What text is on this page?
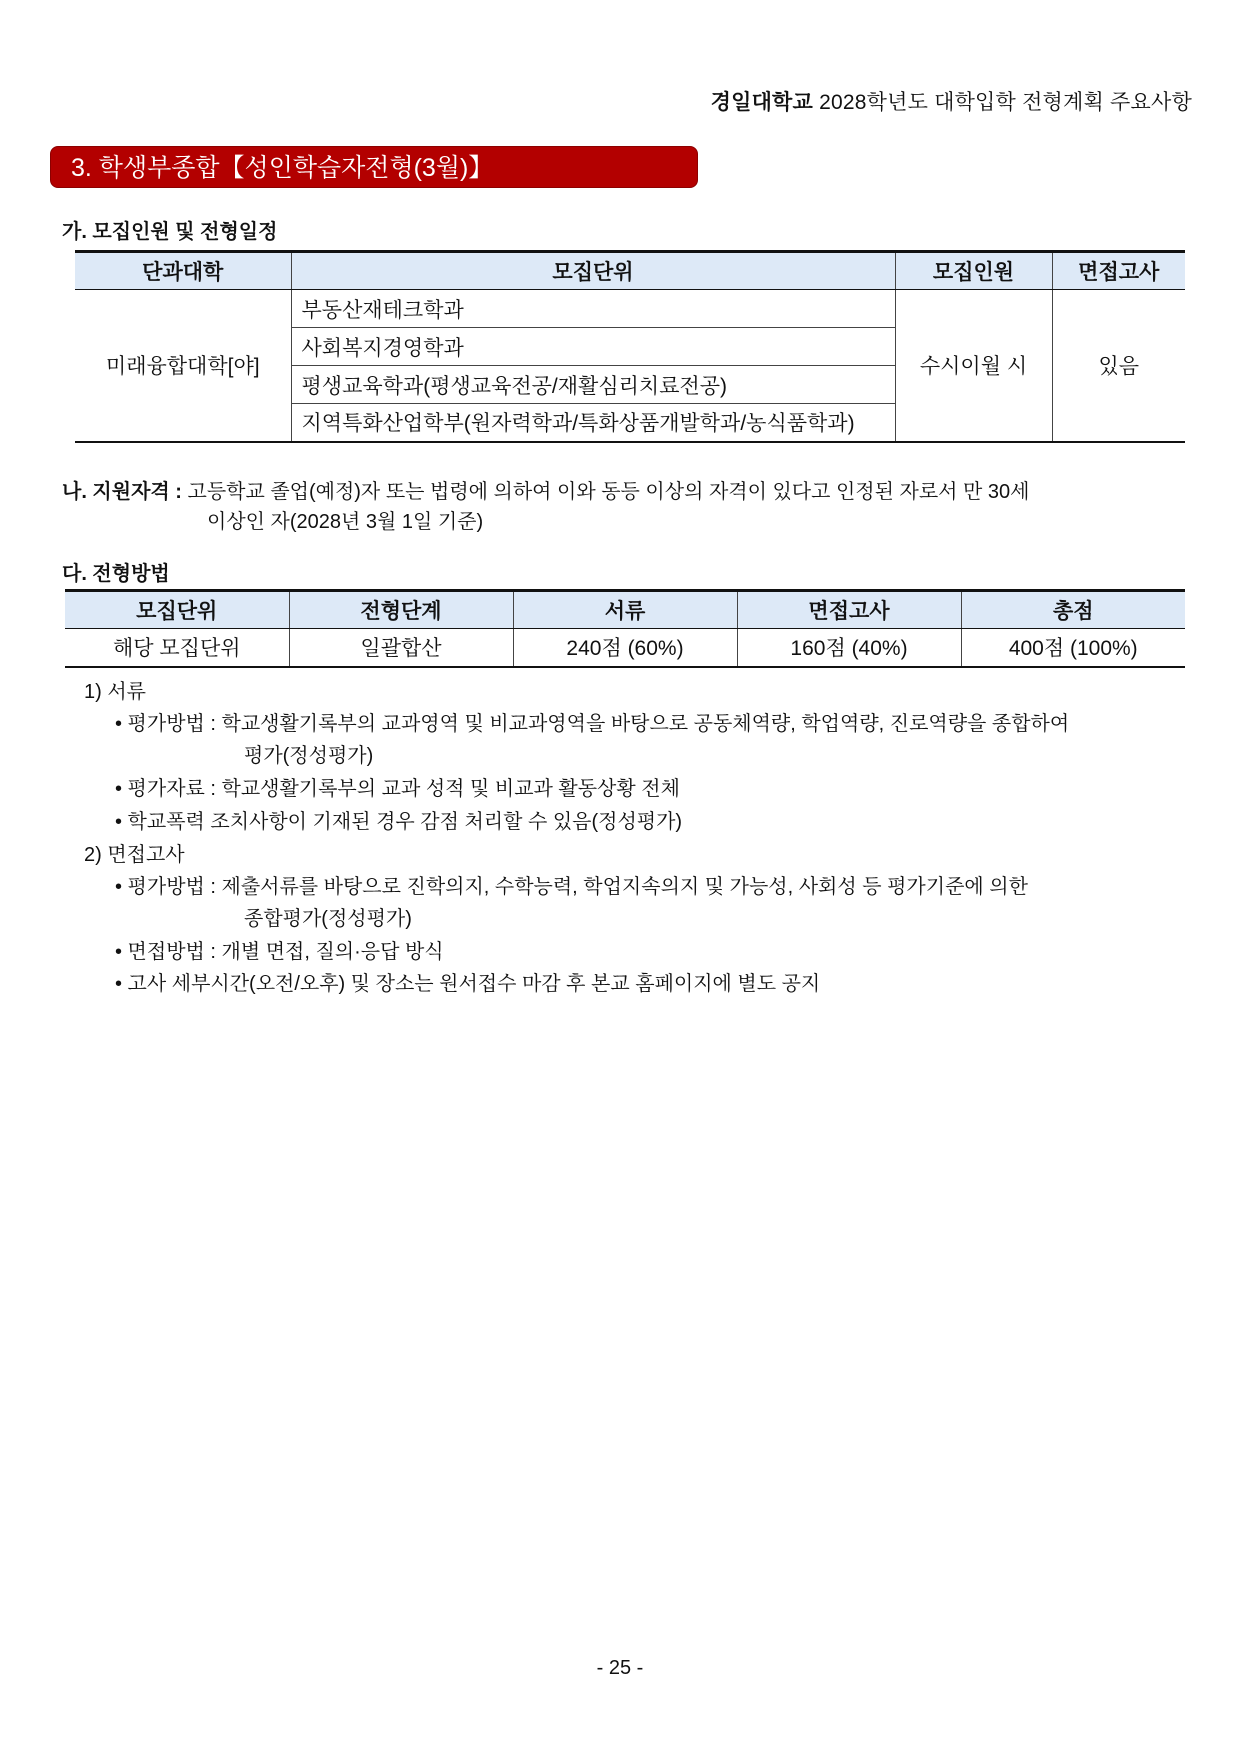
경일대학교 2028학년도 대학입학 전형계획 주요사항
3. 학생부종합【성인학습자전형(3월)】
가. 모집인원 및 전형일정
단과대학	모집단위	모집인원	면접고사
미래융합대학[야]	부동산재테크학과	수시이월 시	있음
	사회복지경영학과		
	평생교육학과(평생교육전공/재활심리치료전공)		
	지역특화산업학부(원자력학과/특화상품개발학과/농식품학과)		
나. 지원자격 : 고등학교 졸업(예정)자 또는 법령에 의하여 이와 동등 이상의 자격이 있다고 인정된 자로서 만 30세
이상인 자(2028년 3월 1일 기준)
다. 전형방법
모집단위	전형단계	서류	면접고사	총점
해당 모집단위	일괄합산	240점 (60%)	160점 (40%)	400점 (100%)
1) 서류
• 평가방법 : 학교생활기록부의 교과영역 및 비교과영역을 바탕으로 공동체역량, 학업역량, 진로역량을 종합하여
평가(정성평가)
• 평가자료 : 학교생활기록부의 교과 성적 및 비교과 활동상황 전체
• 학교폭력 조치사항이 기재된 경우 감점 처리할 수 있음(정성평가)
2) 면접고사
• 평가방법 : 제출서류를 바탕으로 진학의지, 수학능력, 학업지속의지 및 가능성, 사회성 등 평가기준에 의한
종합평가(정성평가)
• 면접방법 : 개별 면접, 질의·응답 방식
• 고사 세부시간(오전/오후) 및 장소는 원서접수 마감 후 본교 홈페이지에 별도 공지
- 25 -
